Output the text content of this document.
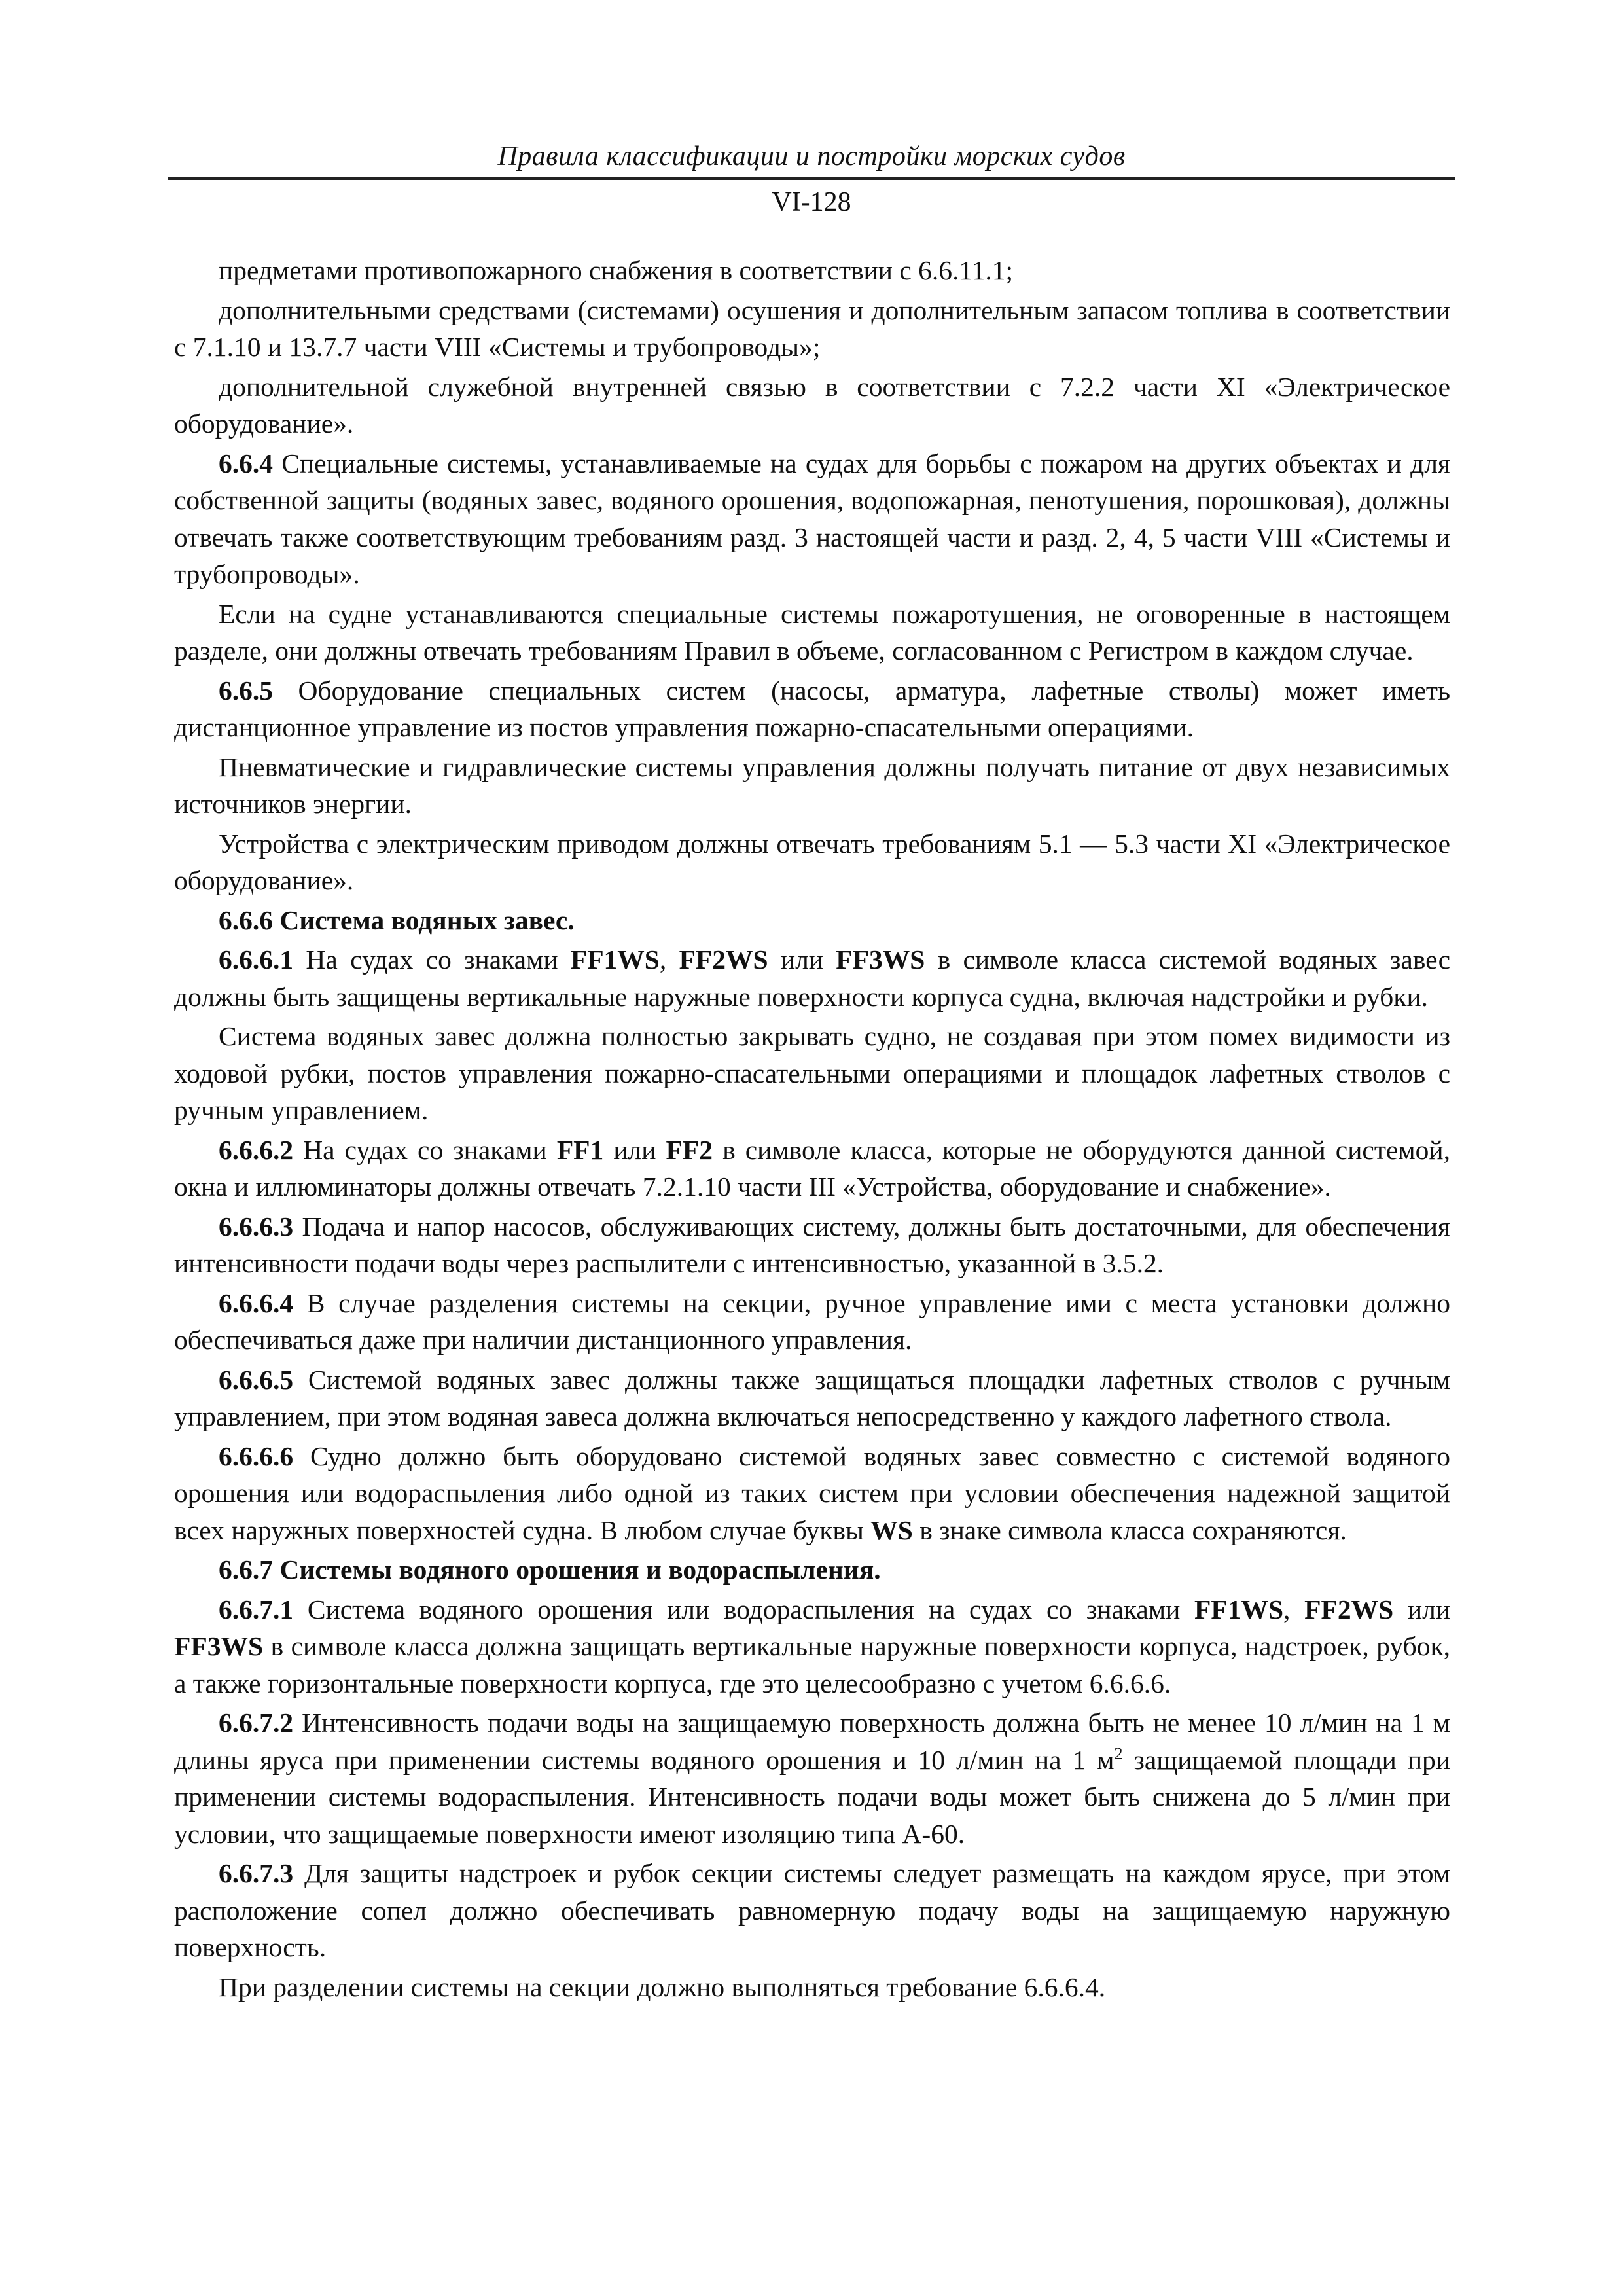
Правила классификации и постройки морских судов
VI-128

предметами противопожарного снабжения в соответствии с 6.6.11.1;

дополнительными средствами (системами) осушения и дополнительным запасом топлива в соответствии с 7.1.10 и 13.7.7 части VIII «Системы и трубопроводы»;

дополнительной служебной внутренней связью в соответствии с 7.2.2 части XI «Электрическое оборудование».

6.6.4 Специальные системы, устанавливаемые на судах для борьбы с пожаром на других объектах и для собственной защиты (водяных завес, водяного орошения, водопожарная, пенотушения, порошковая), должны отвечать также соответствующим требованиям разд. 3 настоящей части и разд. 2, 4, 5 части VIII «Системы и трубопроводы».

Если на судне устанавливаются специальные системы пожаротушения, не оговоренные в настоящем разделе, они должны отвечать требованиям Правил в объеме, согласованном с Регистром в каждом случае.

6.6.5 Оборудование специальных систем (насосы, арматура, лафетные стволы) может иметь дистанционное управление из постов управления пожарно-спасательными операциями.

Пневматические и гидравлические системы управления должны получать питание от двух независимых источников энергии.

Устройства с электрическим приводом должны отвечать требованиям 5.1 — 5.3 части XI «Электрическое оборудование».

6.6.6 Система водяных завес.

6.6.6.1 На судах со знаками FF1WS, FF2WS или FF3WS в символе класса системой водяных завес должны быть защищены вертикальные наружные поверхности корпуса судна, включая надстройки и рубки.

Система водяных завес должна полностью закрывать судно, не создавая при этом помех видимости из ходовой рубки, постов управления пожарно-спасательными операциями и площадок лафетных стволов с ручным управлением.

6.6.6.2 На судах со знаками FF1 или FF2 в символе класса, которые не оборудуются данной системой, окна и иллюминаторы должны отвечать 7.2.1.10 части III «Устройства, оборудование и снабжение».

6.6.6.3 Подача и напор насосов, обслуживающих систему, должны быть достаточными, для обеспечения интенсивности подачи воды через распылители с интенсивностью, указанной в 3.5.2.

6.6.6.4 В случае разделения системы на секции, ручное управление ими с места установки должно обеспечиваться даже при наличии дистанционного управления.

6.6.6.5 Системой водяных завес должны также защищаться площадки лафетных стволов с ручным управлением, при этом водяная завеса должна включаться непосредственно у каждого лафетного ствола.

6.6.6.6 Судно должно быть оборудовано системой водяных завес совместно с системой водяного орошения или водораспыления либо одной из таких систем при условии обеспечения надежной защитой всех наружных поверхностей судна. В любом случае буквы WS в знаке символа класса сохраняются.

6.6.7 Системы водяного орошения и водораспыления.

6.6.7.1 Система водяного орошения или водораспыления на судах со знаками FF1WS, FF2WS или FF3WS в символе класса должна защищать вертикальные наружные поверхности корпуса, надстроек, рубок, а также горизонтальные поверхности корпуса, где это целесообразно с учетом 6.6.6.6.

6.6.7.2 Интенсивность подачи воды на защищаемую поверхность должна быть не менее 10 л/мин на 1 м длины яруса при применении системы водяного орошения и 10 л/мин на 1 $м^2$ защищаемой площади при применении системы водораспыления. Интенсивность подачи воды может быть снижена до 5 л/мин при условии, что защищаемые поверхности имеют изоляцию типа A-60.

6.6.7.3 Для защиты надстроек и рубок секции системы следует размещать на каждом ярусе, при этом расположение сопел должно обеспечивать равномерную подачу воды на защищаемую наружную поверхность.

При разделении системы на секции должно выполняться требование 6.6.6.4.
